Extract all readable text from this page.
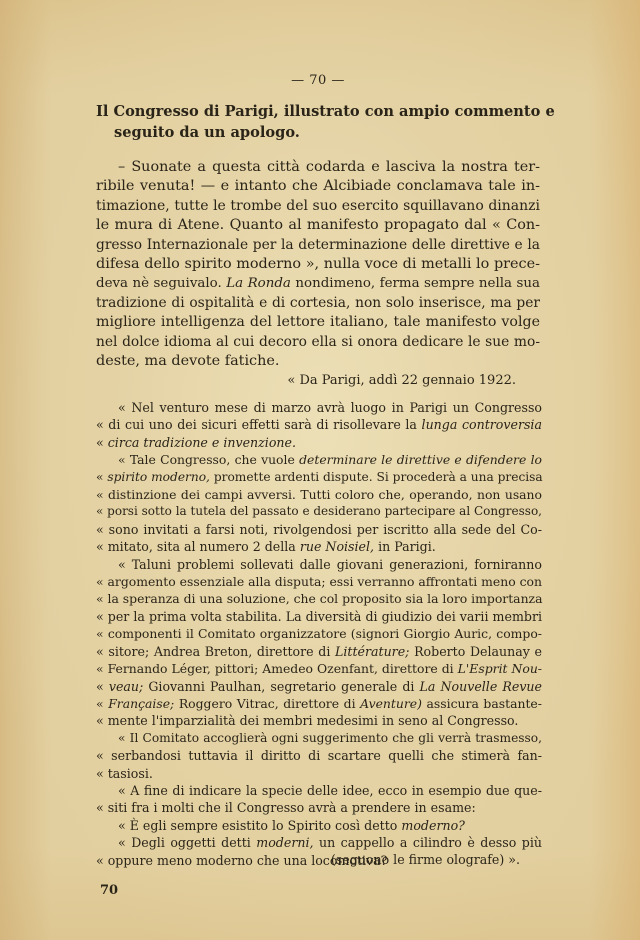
— 70 —
Il Congresso di Parigi, illustrato con ampio commento e
seguito da un apologo.
– Suonate a questa città codarda e lasciva la nostra ter-
ribile venuta! — e intanto che Alcibiade conclamava tale in-
timazione, tutte le trombe del suo esercito squillavano dinanzi
le mura di Atene. Quanto al manifesto propagato dal « Con-
gresso Internazionale per la determinazione delle direttive e la
difesa dello spirito moderno », nulla voce di metalli lo prece-
deva nè seguivalo. La Ronda nondimeno, ferma sempre nella sua
tradizione di ospitalità e di cortesia, non solo inserisce, ma per
migliore intelligenza del lettore italiano, tale manifesto volge
nel dolce idioma al cui decoro ella si onora dedicare le sue mo-
deste, ma devote fatiche.
« Da Parigi, addì 22 gennaio 1922.
« Nel venturo mese di marzo avrà luogo in Parigi un Congresso
« di cui uno dei sicuri effetti sarà di risollevare la lunga controversia
« circa tradizione e invenzione.
« Tale Congresso, che vuole determinare le direttive e difendere lo
« spirito moderno, promette ardenti dispute. Si procederà a una precisa
« distinzione dei campi avversi. Tutti coloro che, operando, non usano
« porsi sotto la tutela del passato e desiderano partecipare al Congresso,
« sono invitati a farsi noti, rivolgendosi per iscritto alla sede del Co-
« mitato, sita al numero 2 della rue Noisiel, in Parigi.
« Taluni problemi sollevati dalle giovani generazioni, forniranno
« argomento essenziale alla disputa; essi verranno affrontati meno con
« la speranza di una soluzione, che col proposito sia la loro importanza
« per la prima volta stabilita. La diversità di giudizio dei varii membri
« componenti il Comitato organizzatore (signori Giorgio Auric, compo-
« sitore; Andrea Breton, direttore di Littérature; Roberto Delaunay e
« Fernando Léger, pittori; Amedeo Ozenfant, direttore di L'Esprit Nou-
« veau; Giovanni Paulhan, segretario generale di La Nouvelle Revue
« Française; Roggero Vitrac, direttore di Aventure) assicura bastante-
« mente l'imparzialità dei membri medesimi in seno al Congresso.
« Il Comitato accoglierà ogni suggerimento che gli verrà trasmesso,
« serbandosi tuttavia il diritto di scartare quelli che stimerà fan-
« tasiosi.
« A fine di indicare la specie delle idee, ecco in esempio due que-
« siti fra i molti che il Congresso avrà a prendere in esame:
« È egli sempre esistito lo Spirito così detto moderno?
« Degli oggetti detti moderni, un cappello a cilindro è desso più
« oppure meno moderno che una locomotiva?
(seguono le firme olografe) ».
70
